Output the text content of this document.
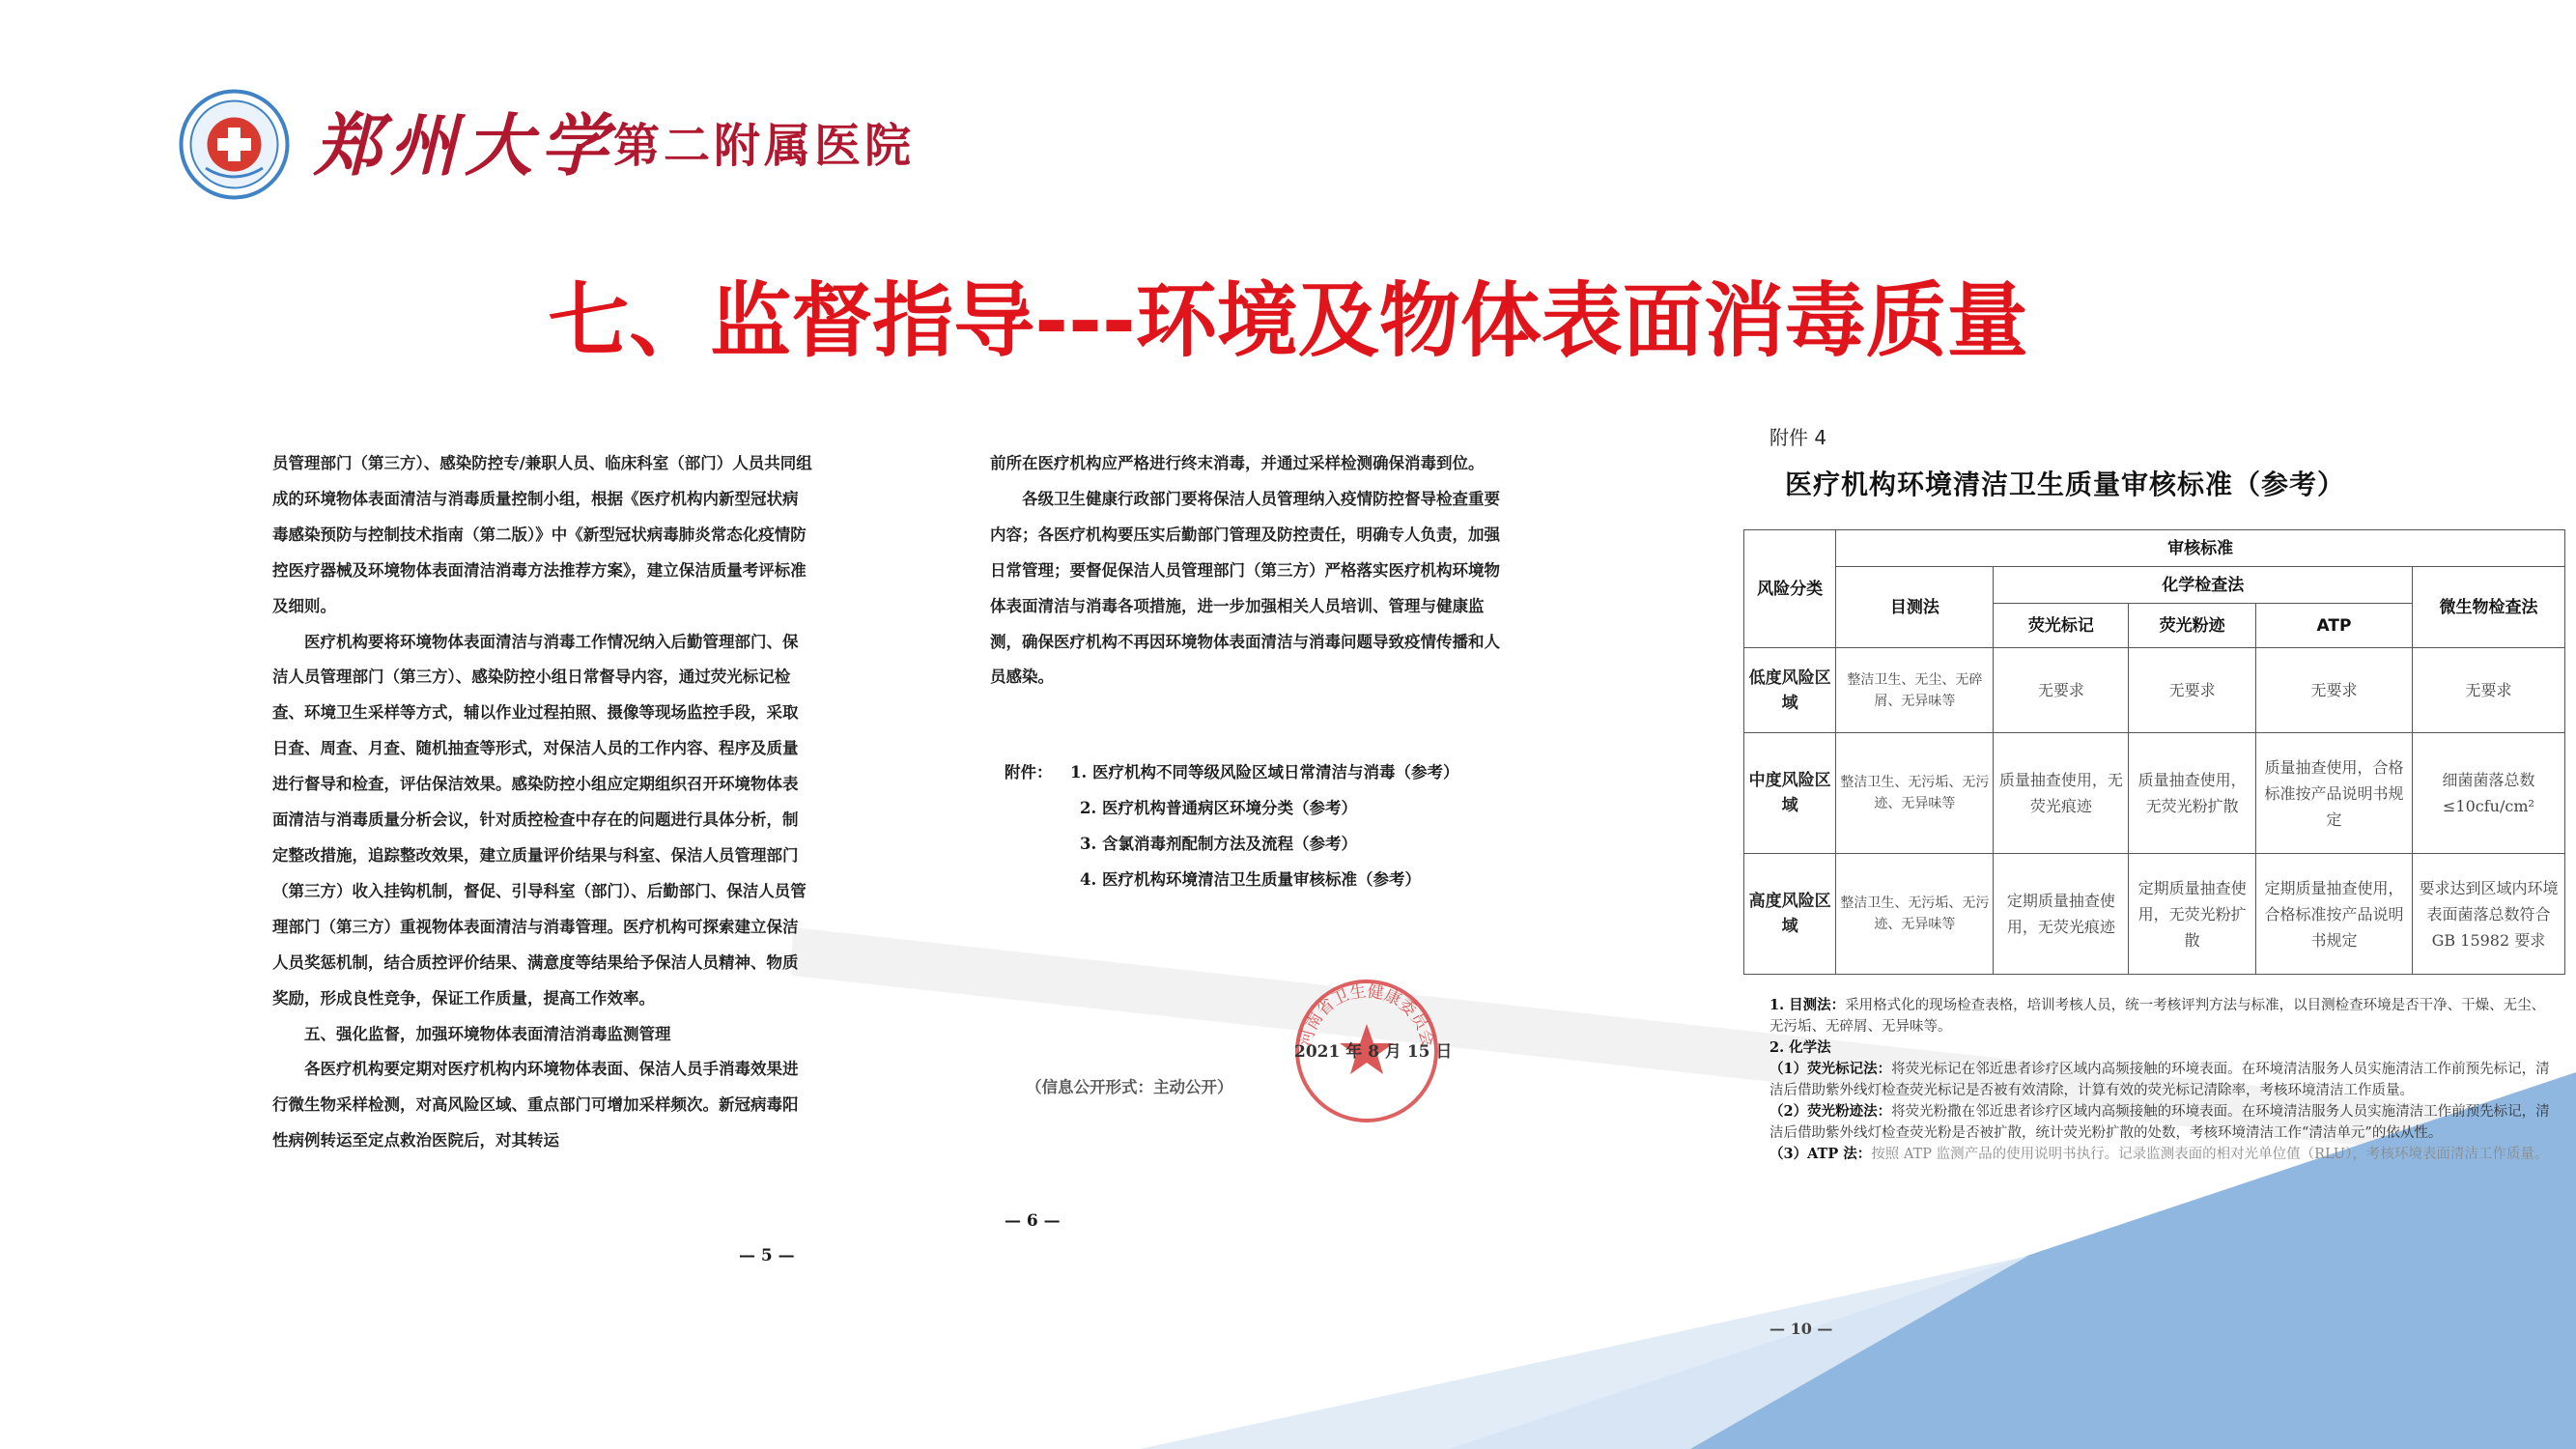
郑州大学
第二附属医院
七、监督指导---环境及物体表面消毒质量

员管理部门（第三方）、感染防控专/兼职人员、临床科室（部门）人员共同组成的环境物体表面清洁与消毒质量控制小组，根据《医疗机构内新型冠状病毒感染预防与控制技术指南（第二版）》中《新型冠状病毒肺炎常态化疫情防控医疗器械及环境物体表面清洁消毒方法推荐方案》，建立保洁质量考评标准及细则。

医疗机构要将环境物体表面清洁与消毒工作情况纳入后勤管理部门、保洁人员管理部门（第三方）、感染防控小组日常督导内容，通过荧光标记检查、环境卫生采样等方式，辅以作业过程拍照、摄像等现场监控手段，采取日查、周查、月查、随机抽查等形式，对保洁人员的工作内容、程序及质量进行督导和检查，评估保洁效果。感染防控小组应定期组织召开环境物体表面清洁与消毒质量分析会议，针对质控检查中存在的问题进行具体分析，制定整改措施，追踪整改效果，建立质量评价结果与科室、保洁人员管理部门（第三方）收入挂钩机制，督促、引导科室（部门）、后勤部门、保洁人员管理部门（第三方）重视物体表面清洁与消毒管理。医疗机构可探索建立保洁人员奖惩机制，结合质控评价结果、满意度等结果给予保洁人员精神、物质奖励，形成良性竞争，保证工作质量，提高工作效率。

五、强化监督，加强环境物体表面清洁消毒监测管理

各医疗机构要定期对医疗机构内环境物体表面、保洁人员手消毒效果进行微生物采样检测，对高风险区域、重点部门可增加采样频次。新冠病毒阳性病例转运至定点救治医院后，对其转运

— 5 —

前所在医疗机构应严格进行终末消毒，并通过采样检测确保消毒到位。

各级卫生健康行政部门要将保洁人员管理纳入疫情防控督导检查重要内容；各医疗机构要压实后勤部门管理及防控责任，明确专人负责，加强日常管理；要督促保洁人员管理部门（第三方）严格落实医疗机构环境物体表面清洁与消毒各项措施，进一步加强相关人员培训、管理与健康监测，确保医疗机构不再因环境物体表面清洁与消毒问题导致疫情传播和人员感染。

附件：	1. 医疗机构不同等级风险区域日常清洁与消毒（参考）
2. 医疗机构普通病区环境分类（参考）
3. 含氯消毒剂配制方法及流程（参考）
4. 医疗机构环境清洁卫生质量审核标准（参考）
河南省卫生健康委员会
2021 年 8 月 15 日
（信息公开形式：主动公开）
— 6 —
附件 4
医疗机构环境清洁卫生质量审核标准（参考）
风险分类	审核标准				
	目测法	化学检查法			微生物检查法
		荧光标记	荧光粉迹	ATP	
低度风险区域	整洁卫生、无尘、无碎屑、无异味等	无要求	无要求	无要求	无要求
中度风险区域	整洁卫生、无污垢、无污迹、无异味等	质量抽查使用，无荧光痕迹	质量抽查使用，无荧光粉扩散	质量抽查使用，合格标准按产品说明书规定	细菌菌落总数≤10cfu/cm²
高度风险区域	整洁卫生、无污垢、无污迹、无异味等	定期质量抽查使用，无荧光痕迹	定期质量抽查使用，无荧光粉扩散	定期质量抽查使用，合格标准按产品说明书规定	要求达到区域内环境表面菌落总数符合GB 15982 要求

1. 目测法：采用格式化的现场检查表格，培训考核人员，统一考核评判方法与标准，以目测检查环境是否干净、干燥、无尘、无污垢、无碎屑、无异味等。

2. 化学法

（1）荧光标记法：将荧光标记在邻近患者诊疗区域内高频接触的环境表面。在环境清洁服务人员实施清洁工作前预先标记，清洁后借助紫外线灯检查荧光标记是否被有效清除，计算有效的荧光标记清除率，考核环境清洁工作质量。

（2）荧光粉迹法：将荧光粉撒在邻近患者诊疗区域内高频接触的环境表面。在环境清洁服务人员实施清洁工作前预先标记，清洁后借助紫外线灯检查荧光粉是否被扩散，统计荧光粉扩散的处数，考核环境清洁工作“清洁单元”的依从性。

（3）ATP 法：按照 ATP 监测产品的使用说明书执行。记录监测表面的相对光单位值（RLU），考核环境表面清洁工作质量。

— 10 —
